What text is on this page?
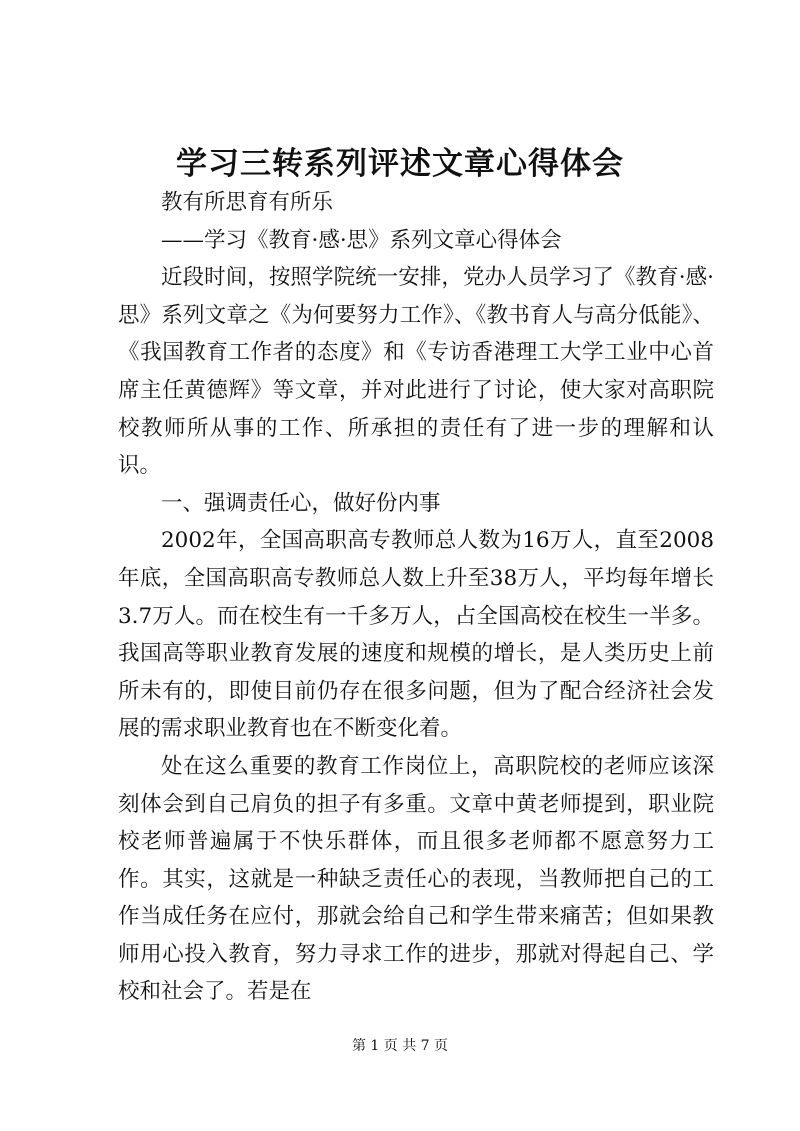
学习三转系列评述文章心得体会

教有所思育有所乐

——学习《教育·感·思》系列文章心得体会

近段时间，按照学院统一安排，党办人员学习了《教育·感·思》系列文章之《为何要努力工作》、《教书育人与高分低能》、《我国教育工作者的态度》和《专访香港理工大学工业中心首席主任黄德辉》等文章，并对此进行了讨论，使大家对高职院校教师所从事的工作、所承担的责任有了进一步的理解和认识。

一、强调责任心，做好份内事

2002年，全国高职高专教师总人数为16万人，直至2008年底，全国高职高专教师总人数上升至38万人，平均每年增长3.7万人。而在校生有一千多万人，占全国高校在校生一半多。我国高等职业教育发展的速度和规模的增长，是人类历史上前所未有的，即使目前仍存在很多问题，但为了配合经济社会发展的需求职业教育也在不断变化着。

处在这么重要的教育工作岗位上，高职院校的老师应该深刻体会到自己肩负的担子有多重。文章中黄老师提到，职业院校老师普遍属于不快乐群体，而且很多老师都不愿意努力工作。其实，这就是一种缺乏责任心的表现，当教师把自己的工作当成任务在应付，那就会给自己和学生带来痛苦；但如果教师用心投入教育，努力寻求工作的进步，那就对得起自己、学校和社会了。若是在

第 1 页 共 7 页
